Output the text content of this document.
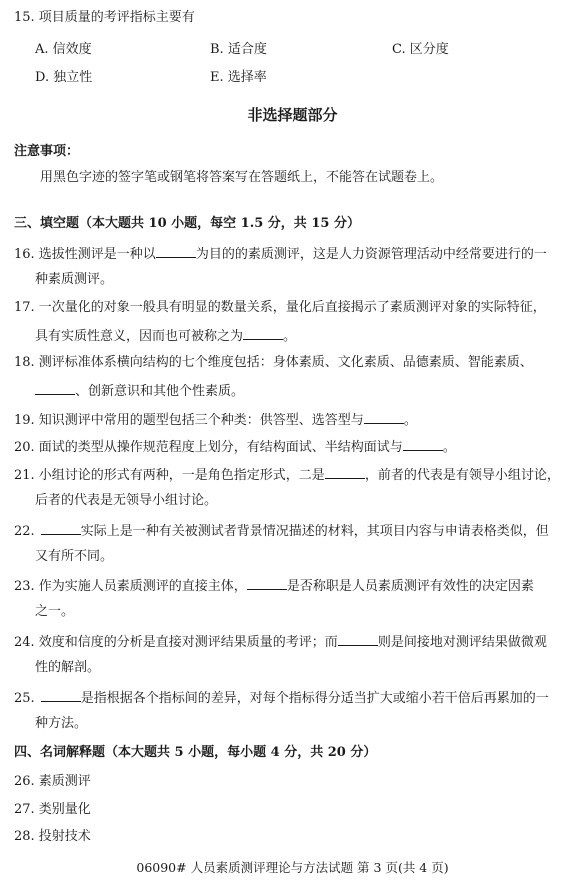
15. 项目质量的考评指标主要有
A. 信效度	B. 适合度	C. 区分度
D. 独立性	E. 选择率
非选择题部分
注意事项：
用黑色字迹的签字笔或钢笔将答案写在答题纸上，不能答在试题卷上。
三、填空题（本大题共 10 小题，每空 1.5 分，共 15 分）
16. 选拔性测评是一种以	为目的的素质测评，这是人力资源管理活动中经常要进行的一
种素质测评。
17. 一次量化的对象一般具有明显的数量关系，量化后直接揭示了素质测评对象的实际特征，
具有实质性意义，因而也可被称之为	。
18. 测评标准体系横向结构的七个维度包括：身体素质、文化素质、品德素质、智能素质、
、创新意识和其他个性素质。
19. 知识测评中常用的题型包括三个种类：供答型、选答型与	。
20. 面试的类型从操作规范程度上划分，有结构面试、半结构面试与	。
21. 小组讨论的形式有两种，一是角色指定形式，二是	，前者的代表是有领导小组讨论，
后者的代表是无领导小组讨论。
22.	实际上是一种有关被测试者背景情况描述的材料，其项目内容与申请表格类似，但
又有所不同。
23. 作为实施人员素质测评的直接主体，	是否称职是人员素质测评有效性的决定因素
之一。
24. 效度和信度的分析是直接对测评结果质量的考评；而	则是间接地对测评结果做微观
性的解剖。
25.	是指根据各个指标间的差异，对每个指标得分适当扩大或缩小若干倍后再累加的一
种方法。
四、名词解释题（本大题共 5 小题，每小题 4 分，共 20 分）
26. 素质测评
27. 类别量化
28. 投射技术
06090# 人员素质测评理论与方法试题 第 3 页(共 4 页)
